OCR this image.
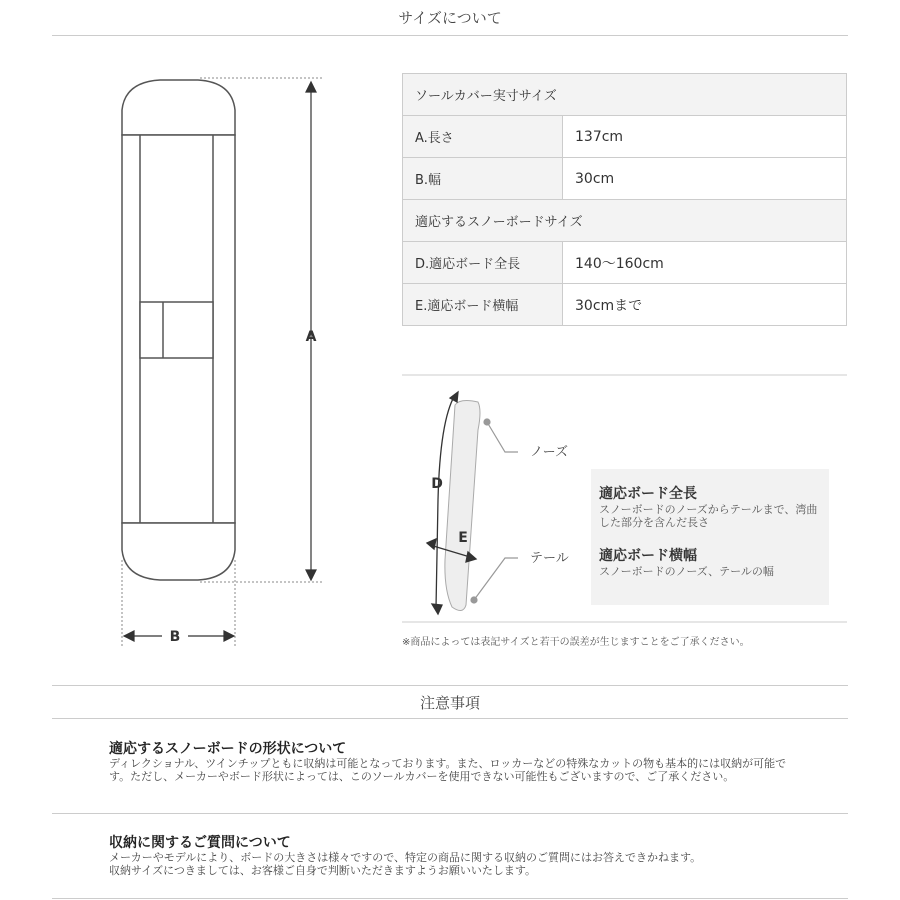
サイズについて
A
B
D
E
ノーズ
テール
ソールカバー実寸サイズ	
A.長さ	137cm
B.幅	30cm
適応するスノーボードサイズ	
D.適応ボード全長	140〜160cm
E.適応ボード横幅	30cmまで
適応ボード全長
スノーボードのノーズからテールまで、湾曲した部分を含んだ長さ
適応ボード横幅
スノーボードのノーズ、テールの幅
※商品によっては表記サイズと若干の誤差が生じますことをご了承ください。
注意事項
適応するスノーボードの形状について
ディレクショナル、ツインチップともに収納は可能となっております。また、ロッカーなどの特殊なカットの物も基本的には収納が可能です。ただし、メーカーやボード形状によっては、このソールカバーを使用できない可能性もございますので、ご了承ください。
収納に関するご質問について
メーカーやモデルにより、ボードの大きさは様々ですので、特定の商品に関する収納のご質問にはお答えできかねます。
収納サイズにつきましては、お客様ご自身で判断いただきますようお願いいたします。
